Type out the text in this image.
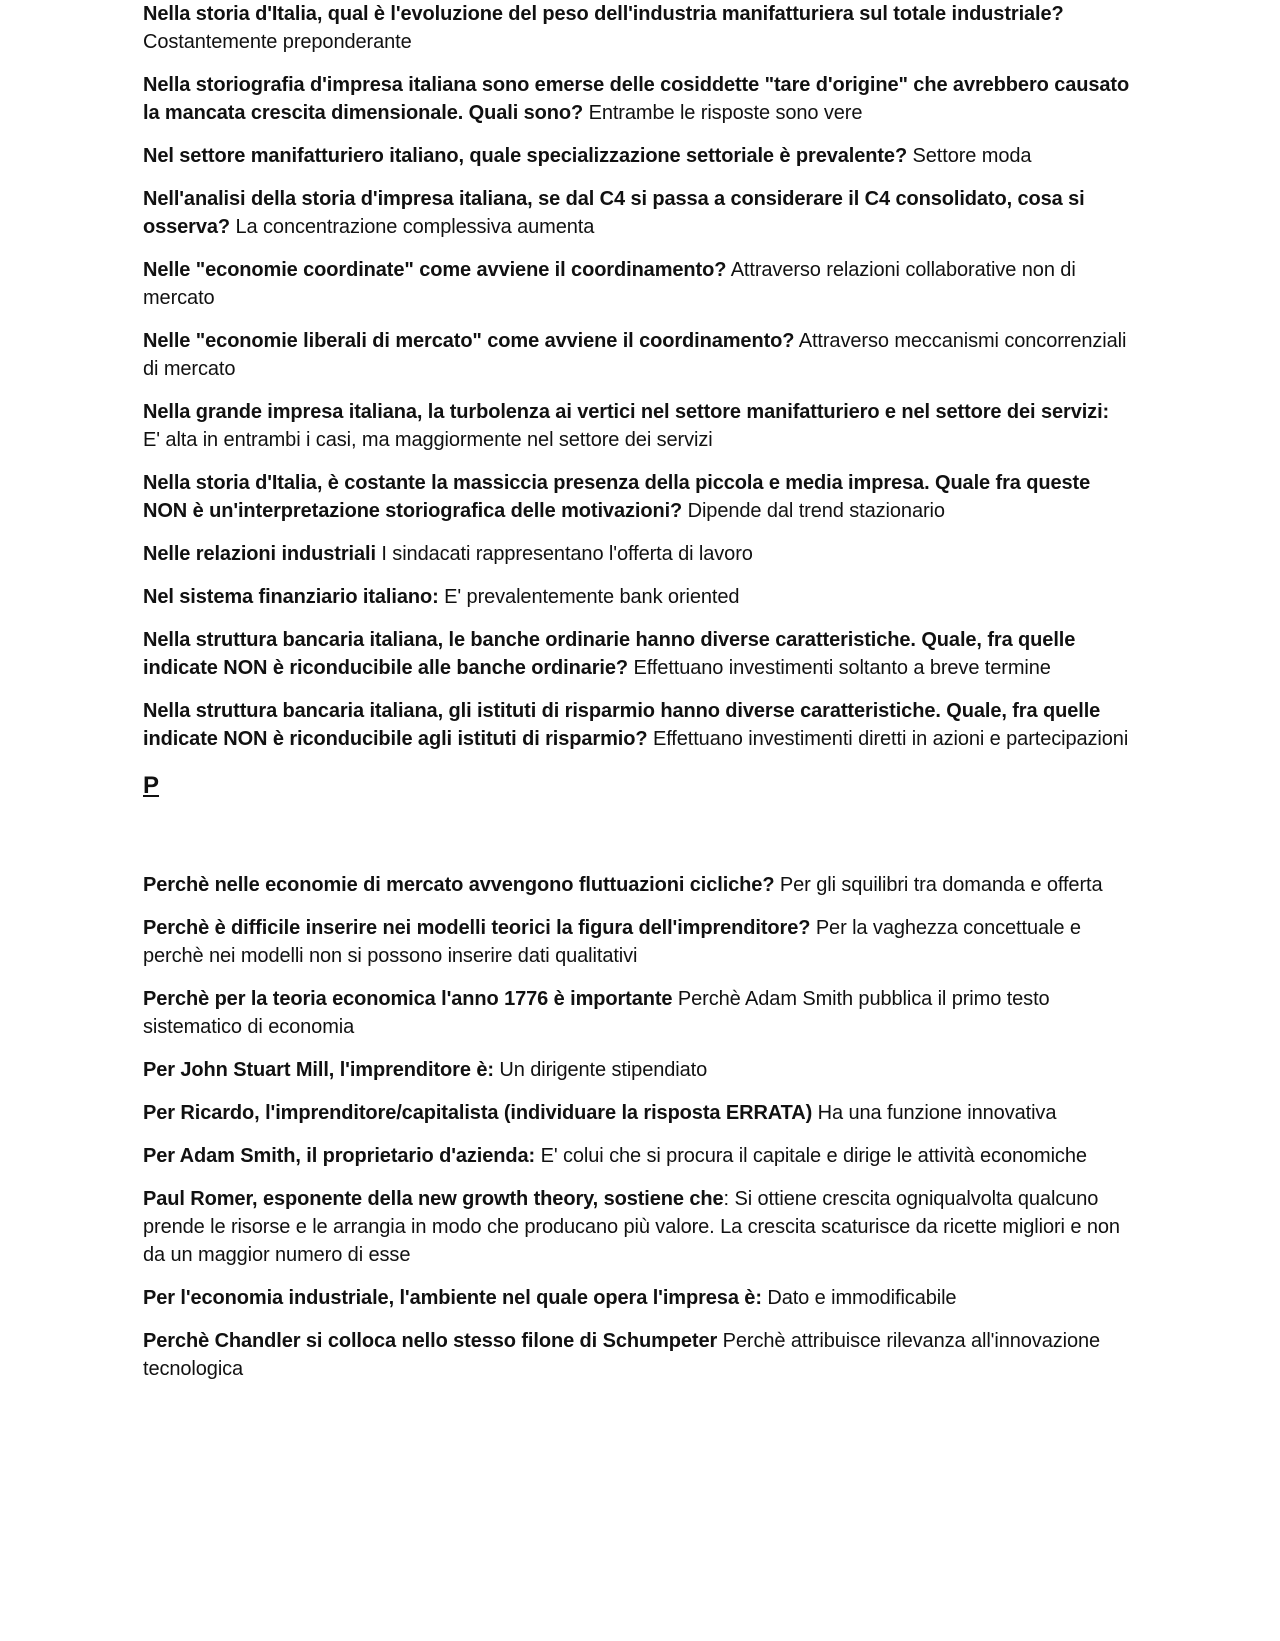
Nella storia d'Italia, qual è l'evoluzione del peso dell'industria manifatturiera sul totale industriale?
Costantemente preponderante

Nella storiografia d'impresa italiana sono emerse delle cosiddette "tare d'origine" che avrebbero causato la mancata crescita dimensionale. Quali sono? Entrambe le risposte sono vere

Nel settore manifatturiero italiano, quale specializzazione settoriale è prevalente? Settore moda

Nell'analisi della storia d'impresa italiana, se dal C4 si passa a considerare il C4 consolidato, cosa si osserva? La concentrazione complessiva aumenta

Nelle "economie coordinate" come avviene il coordinamento? Attraverso relazioni collaborative non di mercato

Nelle "economie liberali di mercato" come avviene il coordinamento? Attraverso meccanismi concorrenziali di mercato

Nella grande impresa italiana, la turbolenza ai vertici nel settore manifatturiero e nel settore dei servizi:
E' alta in entrambi i casi, ma maggiormente nel settore dei servizi

Nella storia d'Italia, è costante la massiccia presenza della piccola e media impresa. Quale fra queste NON è un'interpretazione storiografica delle motivazioni? Dipende dal trend stazionario

Nelle relazioni industriali I sindacati rappresentano l'offerta di lavoro

Nel sistema finanziario italiano: E' prevalentemente bank oriented

Nella struttura bancaria italiana, le banche ordinarie hanno diverse caratteristiche. Quale, fra quelle indicate NON è riconducibile alle banche ordinarie? Effettuano investimenti soltanto a breve termine

Nella struttura bancaria italiana, gli istituti di risparmio hanno diverse caratteristiche. Quale, fra quelle indicate NON è riconducibile agli istituti di risparmio? Effettuano investimenti diretti in azioni e partecipazioni

P

Perchè nelle economie di mercato avvengono fluttuazioni cicliche? Per gli squilibri tra domanda e offerta

Perchè è difficile inserire nei modelli teorici la figura dell'imprenditore? Per la vaghezza concettuale e perchè nei modelli non si possono inserire dati qualitativi

Perchè per la teoria economica l'anno 1776 è importante Perchè Adam Smith pubblica il primo testo sistematico di economia

Per John Stuart Mill, l'imprenditore è: Un dirigente stipendiato

Per Ricardo, l'imprenditore/capitalista (individuare la risposta ERRATA) Ha una funzione innovativa

Per Adam Smith, il proprietario d'azienda: E' colui che si procura il capitale e dirige le attività economiche

Paul Romer, esponente della new growth theory, sostiene che: Si ottiene crescita ogniqualvolta qualcuno prende le risorse e le arrangia in modo che producano più valore. La crescita scaturisce da ricette migliori e non da un maggior numero di esse

Per l'economia industriale, l'ambiente nel quale opera l'impresa è: Dato e immodificabile

Perchè Chandler si colloca nello stesso filone di Schumpeter Perchè attribuisce rilevanza all'innovazione tecnologica
